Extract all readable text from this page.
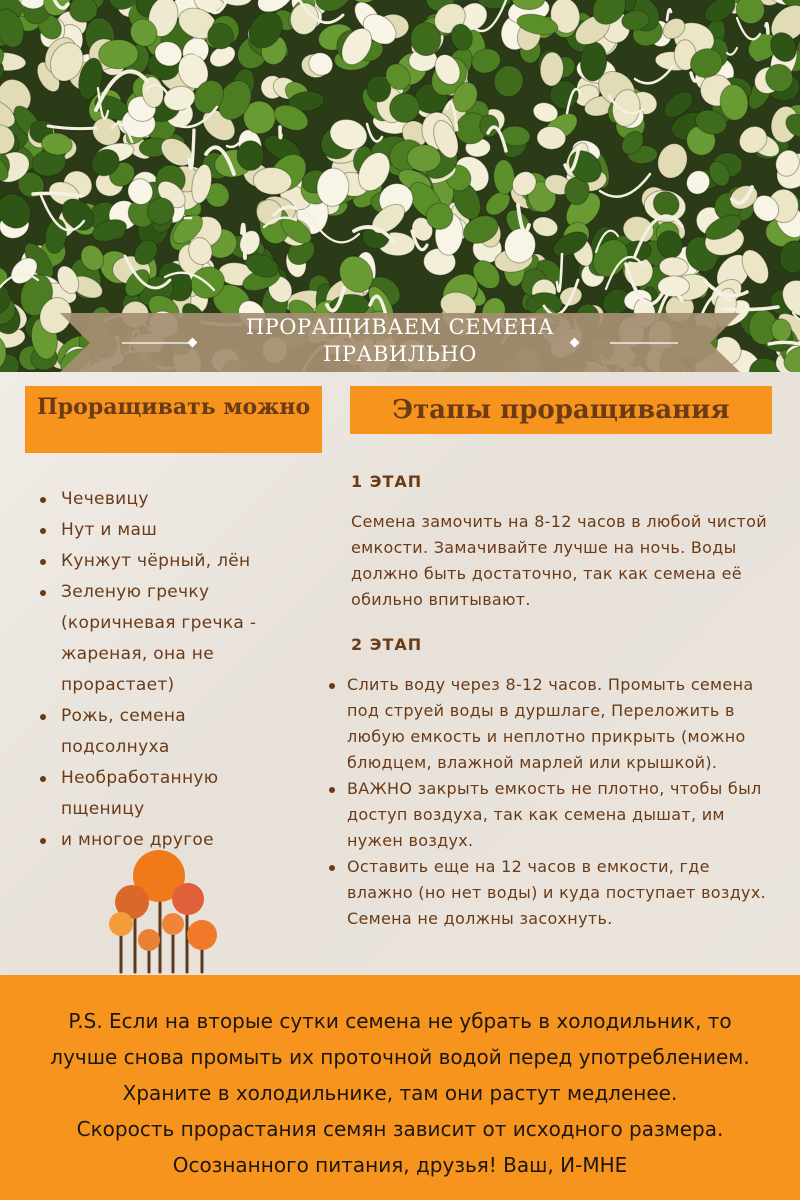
ПРОРАЩИВАЕМ СЕМЕНА
ПРАВИЛЬНО
Проращивать можно	Этапы проращивания
Чечевицу
Нут и маш
Кунжут чёрный, лён
Зеленую гречку (коричневая гречка - жареная, она не прорастает)
Рожь, семена подсолнуха
Необработанную пщеницу
и многое другое
1 ЭТАП

Семена замочить на 8-12 часов в любой чистой емкости. Замачивайте лучше на ночь. Воды должно быть достаточно, так как семена её обильно впитывают.

2 ЭТАП
Слить воду через 8-12 часов. Промыть семена под струей воды в дуршлаге, Переложить в любую емкость и неплотно прикрыть (можно блюдцем, влажной марлей или крышкой).
ВАЖНО закрыть емкость не плотно, чтобы был доступ воздуха, так как семена дышат, им нужен воздух.
Оставить еще на 12 часов в емкости, где влажно (но нет воды) и куда поступает воздух. Семена не должны засохнуть.
P.S. Если на вторые сутки семена не убрать в холодильник, то
лучше снова промыть их проточной водой перед употреблением.
Храните в холодильнике, там они растут медленее.
Скорость прорастания семян зависит от исходного размера.
Осознанного питания, друзья! Ваш, И-МНЕ
